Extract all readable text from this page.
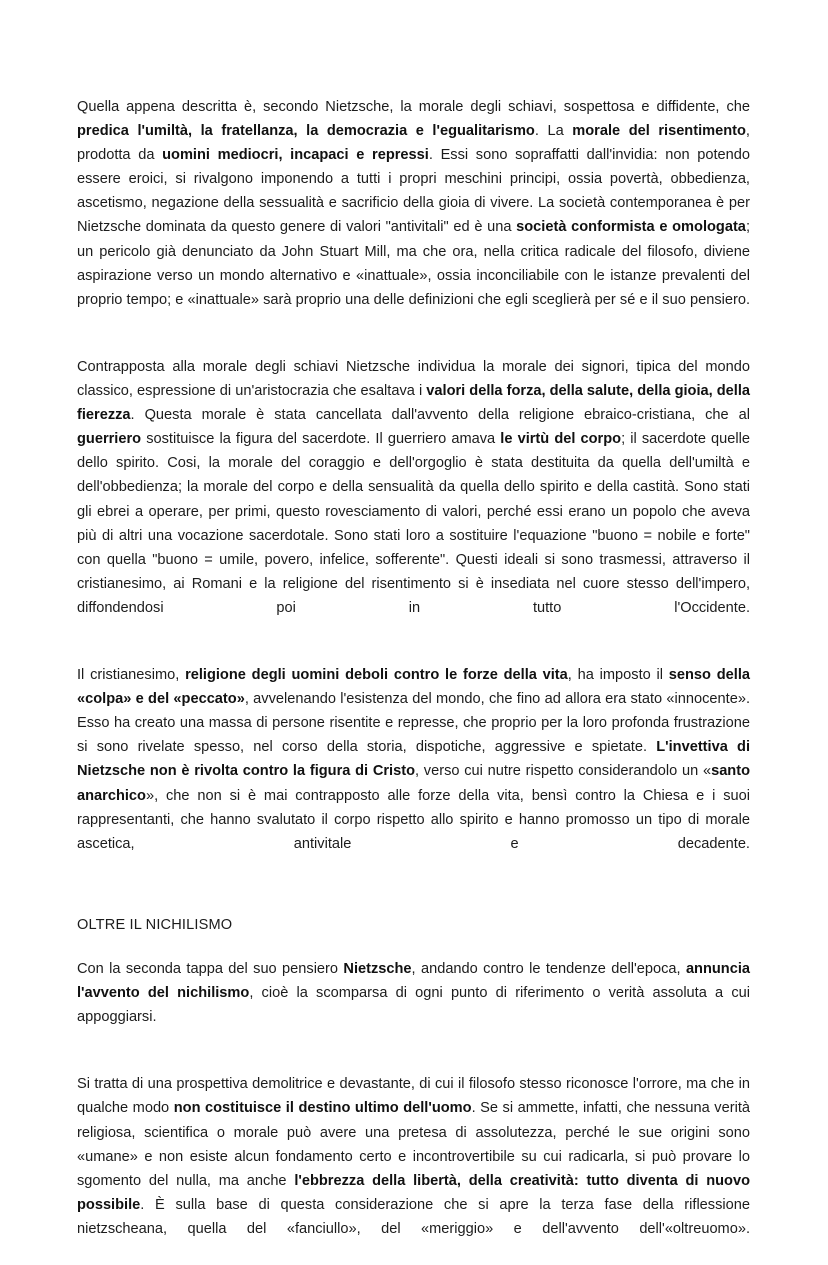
Quella appena descritta è, secondo Nietzsche, la morale degli schiavi, sospettosa e diffidente, che predica l'umiltà, la fratellanza, la democrazia e l'egualitarismo. La morale del risentimento, prodotta da uomini mediocri, incapaci e repressi. Essi sono sopraffatti dall'invidia: non potendo essere eroici, si rivalgono imponendo a tutti i propri meschini principi, ossia povertà, obbedienza, ascetismo, negazione della sessualità e sacrificio della gioia di vivere. La società contemporanea è per Nietzsche dominata da questo genere di valori "antivitali" ed è una società conformista e omologata; un pericolo già denunciato da John Stuart Mill, ma che ora, nella critica radicale del filosofo, diviene aspirazione verso un mondo alternativo e «inattuale», ossia inconciliabile con le istanze prevalenti del proprio tempo; e «inattuale» sarà proprio una delle definizioni che egli sceglierà per sé e il suo pensiero.

Contrapposta alla morale degli schiavi Nietzsche individua la morale dei signori, tipica del mondo classico, espressione di un'aristocrazia che esaltava i valori della forza, della salute, della gioia, della fierezza. Questa morale è stata cancellata dall'avvento della religione ebraico-cristiana, che al guerriero sostituisce la figura del sacerdote. Il guerriero amava le virtù del corpo; il sacerdote quelle dello spirito. Cosi, la morale del coraggio e dell'orgoglio è stata destituita da quella dell'umiltà e dell'obbedienza; la morale del corpo e della sensualità da quella dello spirito e della castità. Sono stati gli ebrei a operare, per primi, questo rovesciamento di valori, perché essi erano un popolo che aveva più di altri una vocazione sacerdotale. Sono stati loro a sostituire l'equazione "buono = nobile e forte" con quella "buono = umile, povero, infelice, sofferente". Questi ideali si sono trasmessi, attraverso il cristianesimo, ai Romani e la religione del risentimento si è insediata nel cuore stesso dell'impero, diffondendosi poi in tutto l'Occidente.

Il cristianesimo, religione degli uomini deboli contro le forze della vita, ha imposto il senso della «colpa» e del «peccato», avvelenando l'esistenza del mondo, che fino ad allora era stato «innocente». Esso ha creato una massa di persone risentite e represse, che proprio per la loro profonda frustrazione si sono rivelate spesso, nel corso della storia, dispotiche, aggressive e spietate. L'invettiva di Nietzsche non è rivolta contro la figura di Cristo, verso cui nutre rispetto considerandolo un «santo anarchico», che non si è mai contrapposto alle forze della vita, bensì contro la Chiesa e i suoi rappresentanti, che hanno svalutato il corpo rispetto allo spirito e hanno promosso un tipo di morale ascetica, antivitale e decadente.

OLTRE IL NICHILISMO

Con la seconda tappa del suo pensiero Nietzsche, andando contro le tendenze dell'epoca, annuncia l'avvento del nichilismo, cioè la scomparsa di ogni punto di riferimento o verità assoluta a cui appoggiarsi.

Si tratta di una prospettiva demolitrice e devastante, di cui il filosofo stesso riconosce l'orrore, ma che in qualche modo non costituisce il destino ultimo dell'uomo. Se si ammette, infatti, che nessuna verità religiosa, scientifica o morale può avere una pretesa di assolutezza, perché le sue origini sono «umane» e non esiste alcun fondamento certo e incontrovertibile su cui radicarla, si può provare lo sgomento del nulla, ma anche l'ebbrezza della libertà, della creatività: tutto diventa di nuovo possibile. È sulla base di questa considerazione che si apre la terza fase della riflessione nietzscheana, quella del «fanciullo», del «meriggio» e dell'avvento dell'«oltreuomo».
